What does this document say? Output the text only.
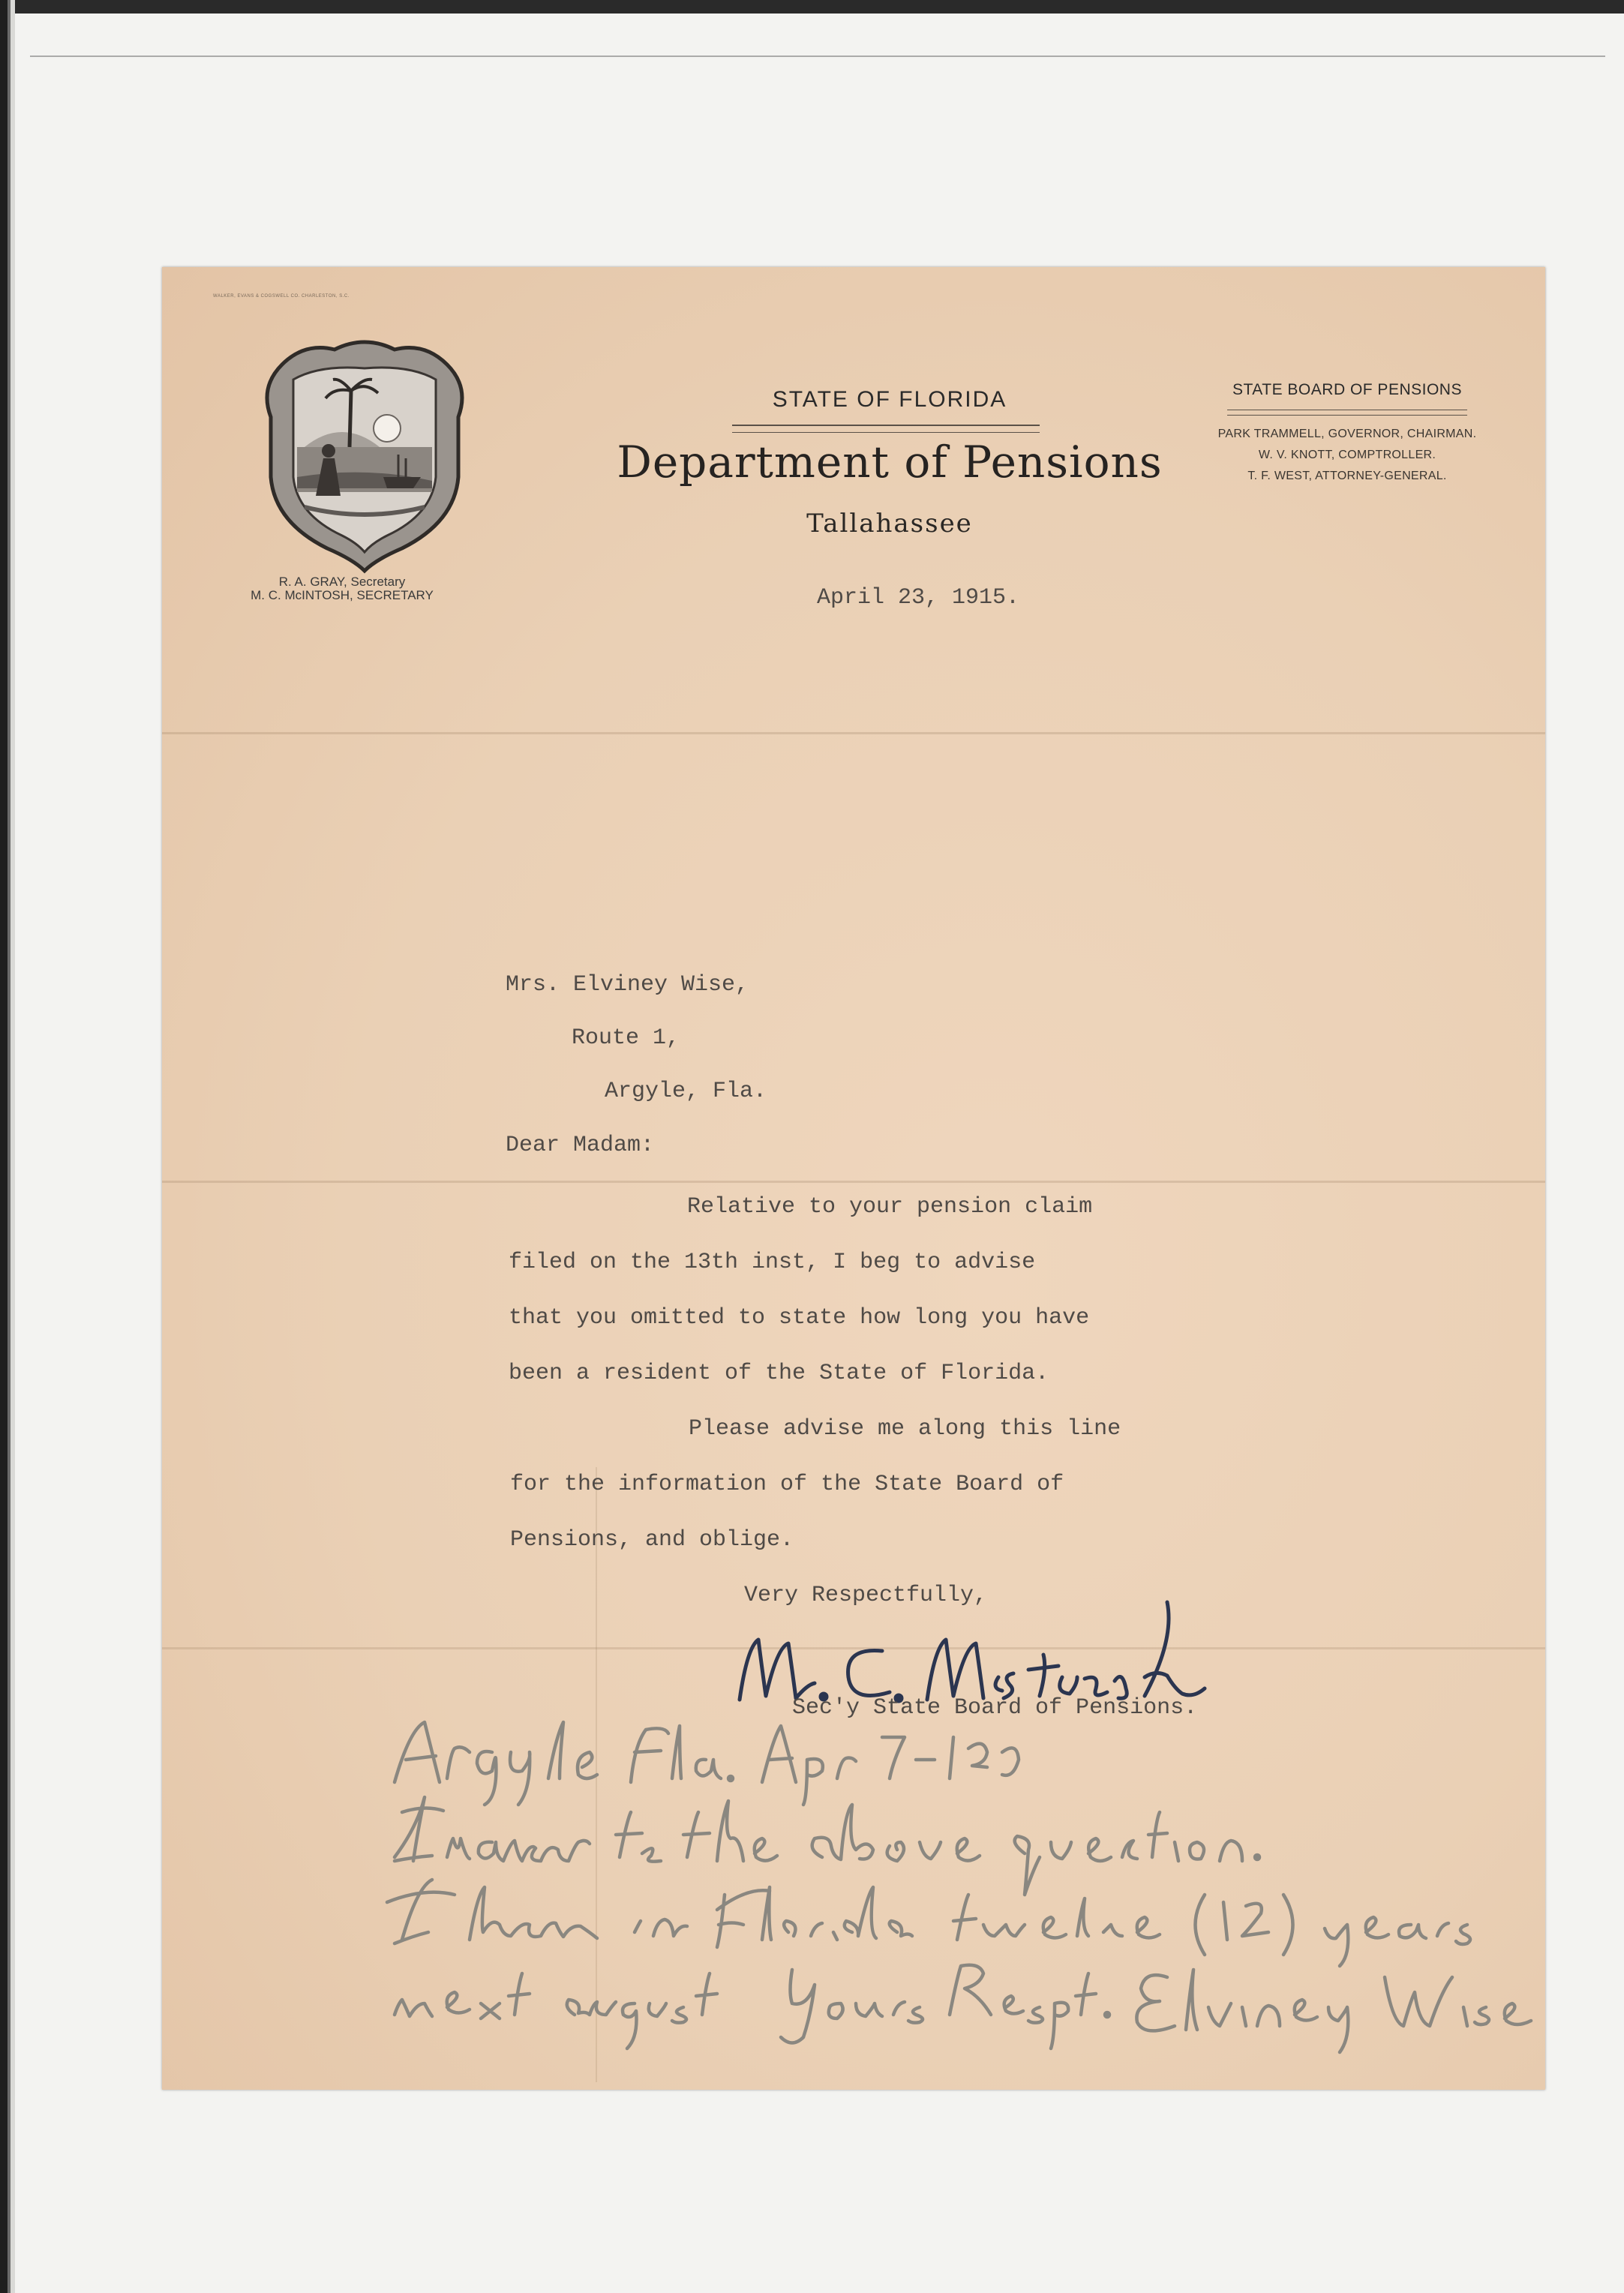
WALKER, EVANS & COGSWELL CO. CHARLESTON, S.C.
R. A. GRAY, Secretary
M. C. McINTOSH, SECRETARY
STATE OF FLORIDA
Department of Pensions
Tallahassee
STATE BOARD OF PENSIONS
PARK TRAMMELL, GOVERNOR, CHAIRMAN.
W. V. KNOTT, COMPTROLLER.
T. F. WEST, ATTORNEY-GENERAL.
April 23, 1915.
Mrs. Elviney Wise,
Route 1,
Argyle, Fla.
Dear Madam:
Relative to your pension claim
filed on the 13th inst, I beg to advise
that you omitted to state how long you have
been a resident of the State of Florida.
Please advise me along this line
for the information of the State Board of
Pensions, and oblige.
Very Respectfully,
Sec'y State Board of Pensions.
